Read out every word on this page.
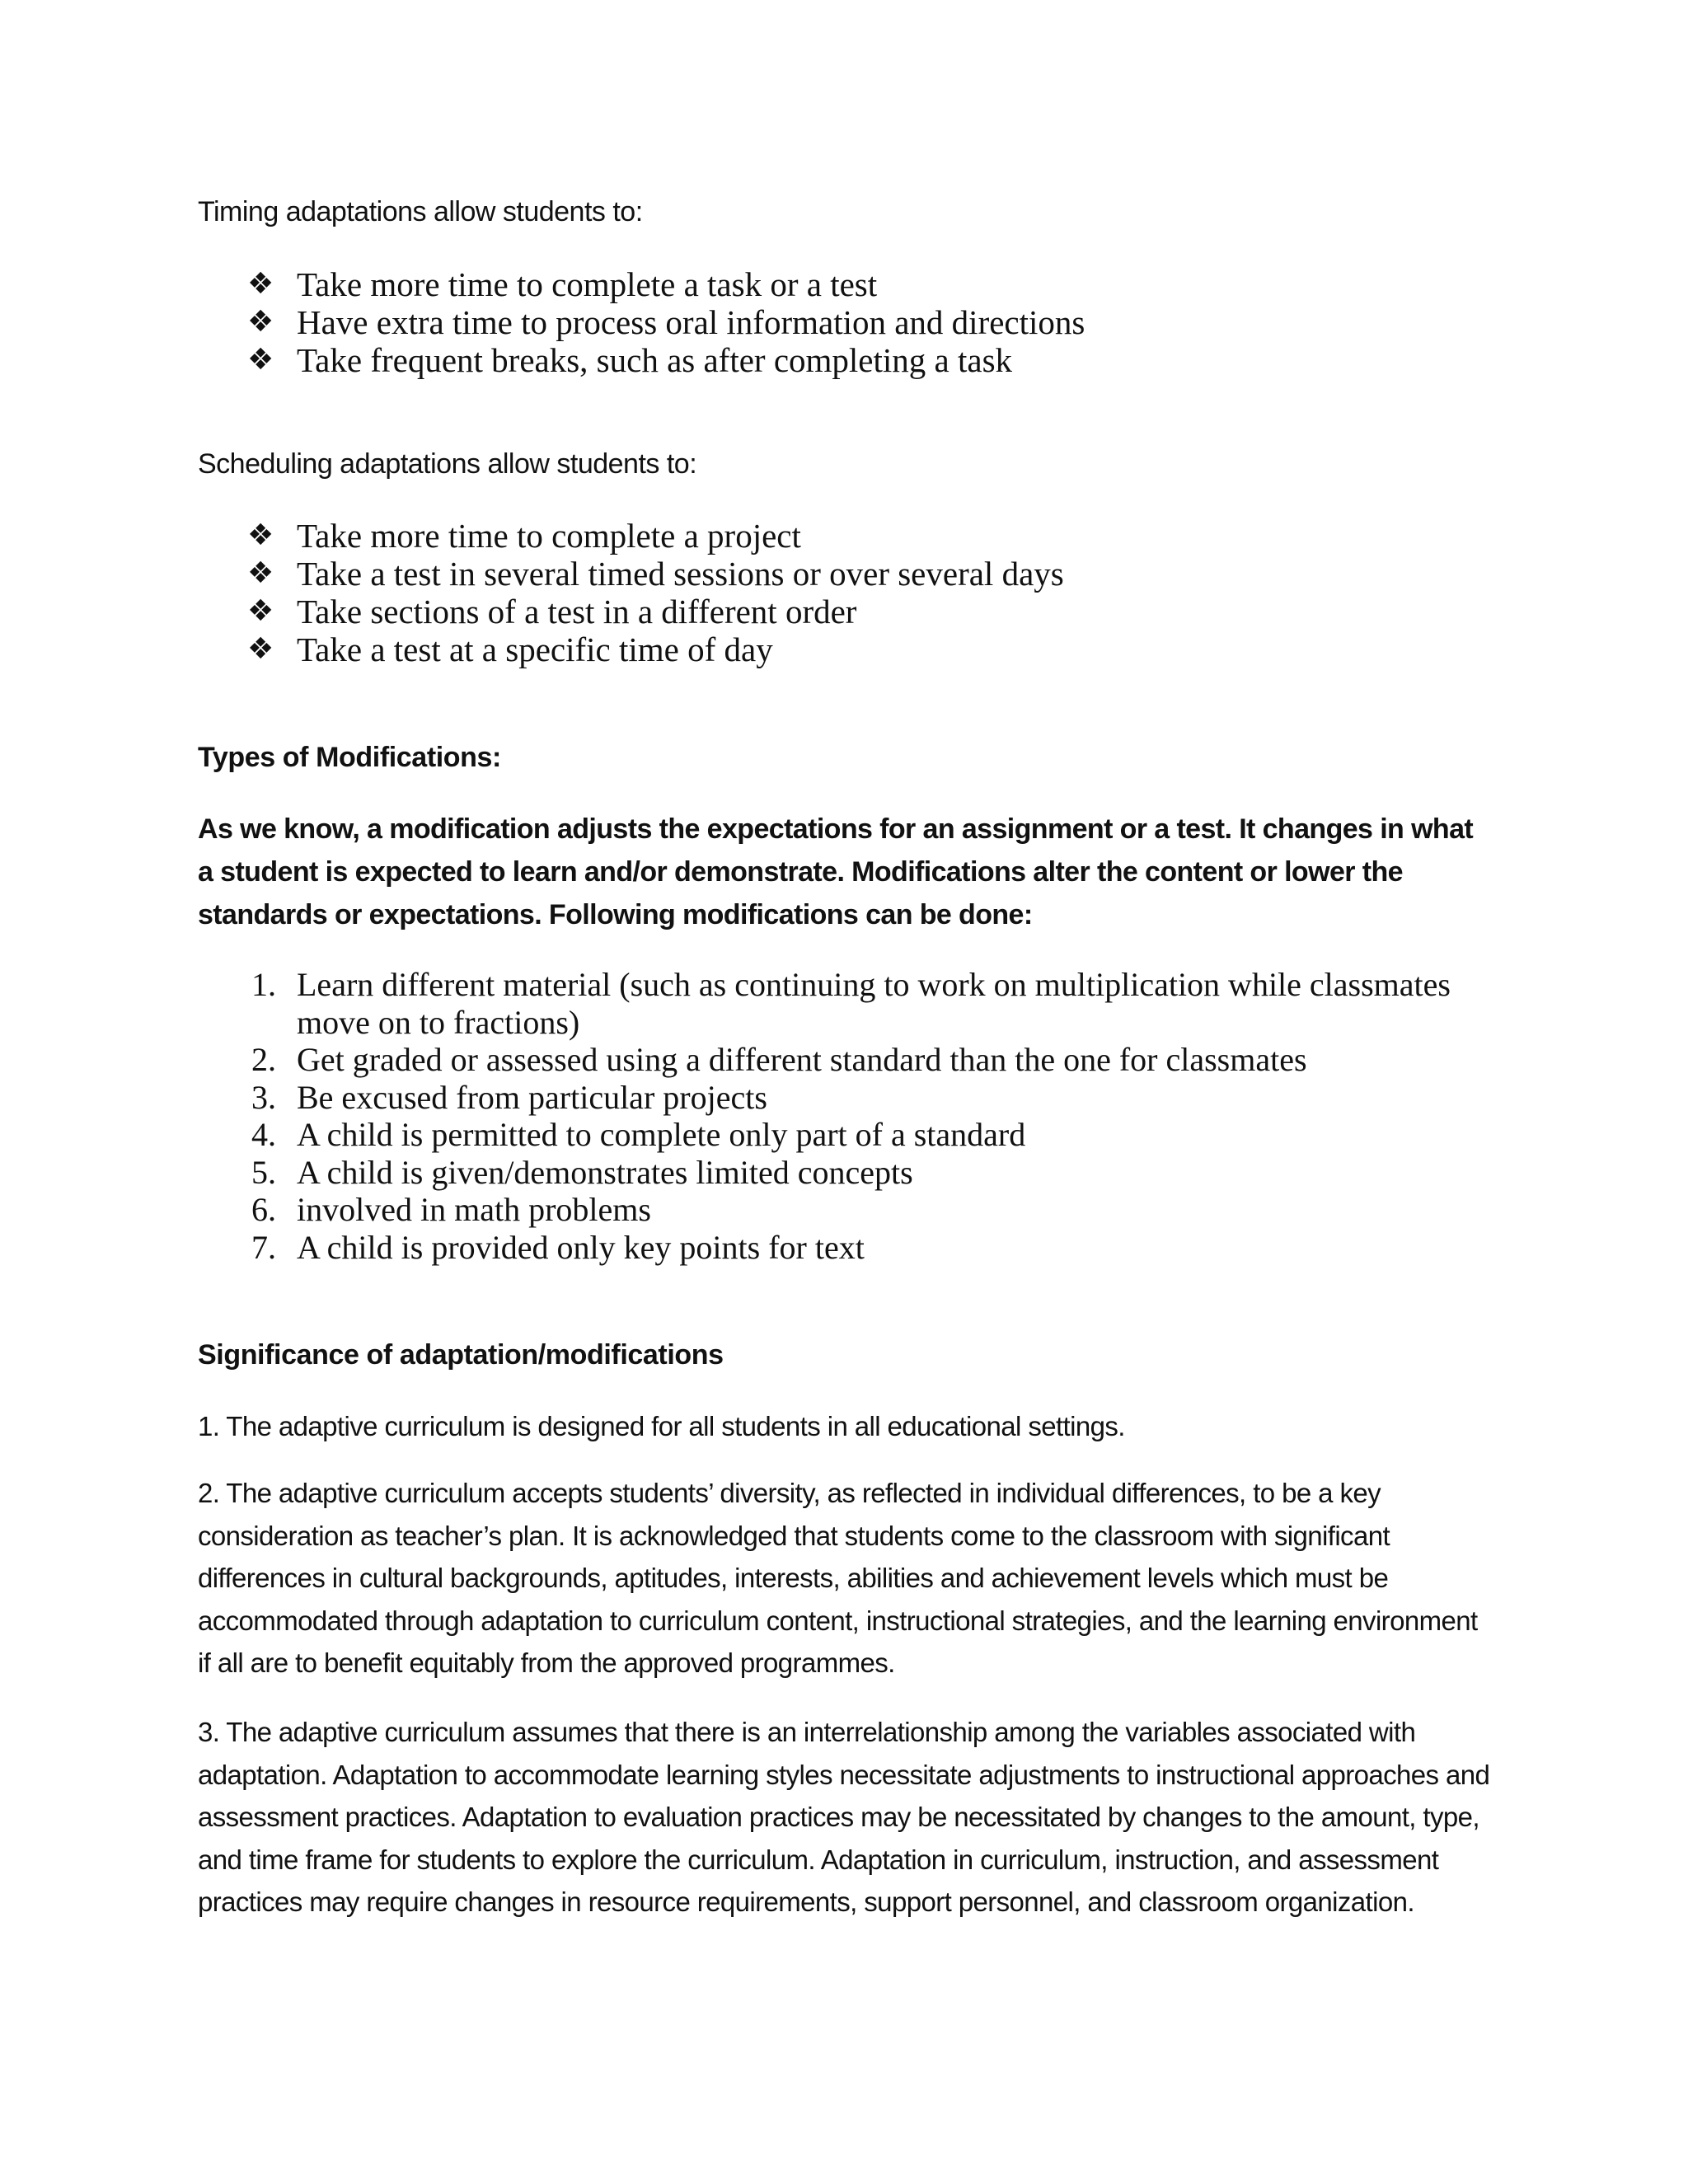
Timing adaptations allow students to:
❖ Take more time to complete a task or a test
❖ Have extra time to process oral information and directions
❖ Take frequent breaks, such as after completing a task
Scheduling adaptations allow students to:
❖ Take more time to complete a project
❖ Take a test in several timed sessions or over several days
❖ Take sections of a test in a different order
❖ Take a test at a specific time of day
Types of Modifications:

As we know, a modification adjusts the expectations for an assignment or a test. It changes in what a student is expected to learn and/or demonstrate. Modifications alter the content or lower the standards or expectations. Following modifications can be done:

1. Learn different material (such as continuing to work on multiplication while classmates move on to fractions)
2. Get graded or assessed using a different standard than the one for classmates
3. Be excused from particular projects
4. A child is permitted to complete only part of a standard
5. A child is given/demonstrates limited concepts
6. involved in math problems
7. A child is provided only key points for text
Significance of adaptation/modifications

1. The adaptive curriculum is designed for all students in all educational settings.

2. The adaptive curriculum accepts students’ diversity, as reflected in individual differences, to be a key consideration as teacher’s plan. It is acknowledged that students come to the classroom with significant differences in cultural backgrounds, aptitudes, interests, abilities and achievement levels which must be accommodated through adaptation to curriculum content, instructional strategies, and the learning environment if all are to benefit equitably from the approved programmes.

3. The adaptive curriculum assumes that there is an interrelationship among the variables associated with adaptation. Adaptation to accommodate learning styles necessitate adjustments to instructional approaches and assessment practices. Adaptation to evaluation practices may be necessitated by changes to the amount, type, and time frame for students to explore the curriculum. Adaptation in curriculum, instruction, and assessment practices may require changes in resource requirements, support personnel, and classroom organization.
